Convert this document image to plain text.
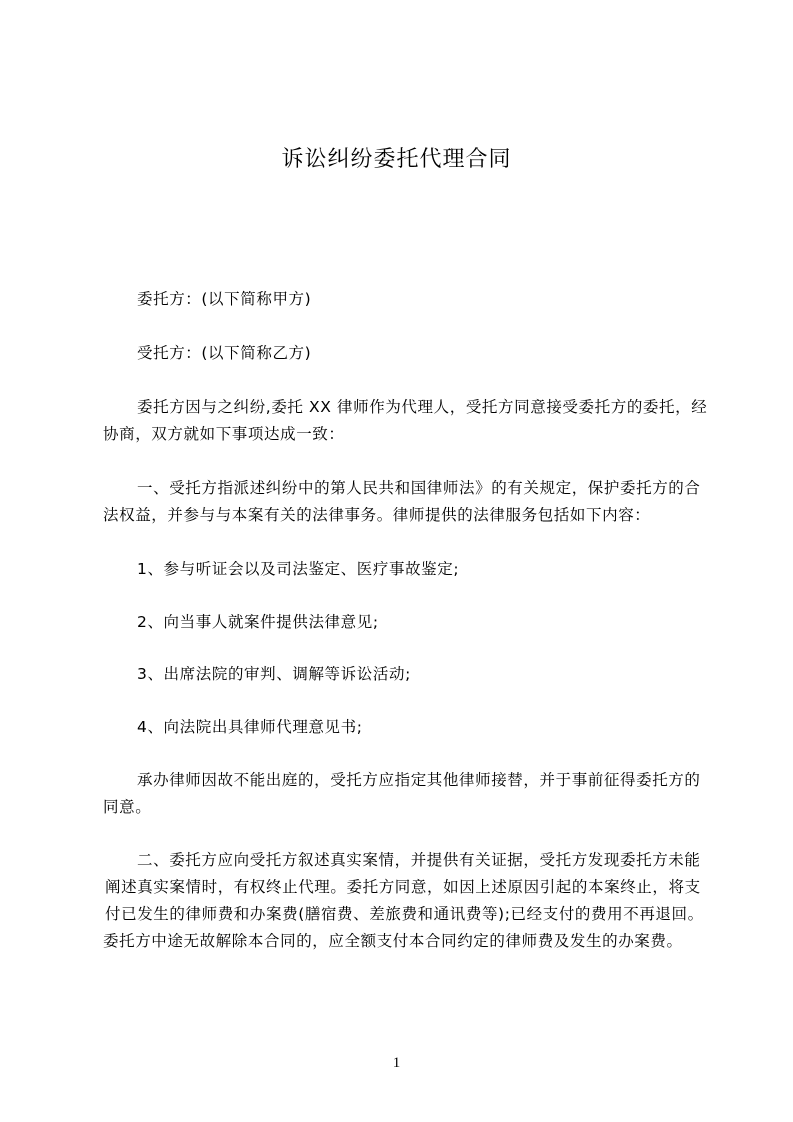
诉讼纠纷委托代理合同
委托方：(以下简称甲方)
受托方：(以下简称乙方)
委托方因与之纠纷,委托 XX 律师作为代理人，受托方同意接受委托方的委托，经
协商，双方就如下事项达成一致：
一、受托方指派述纠纷中的第人民共和国律师法》的有关规定，保护委托方的合
法权益，并参与与本案有关的法律事务。律师提供的法律服务包括如下内容：
1、参与听证会以及司法鉴定、医疗事故鉴定;
2、向当事人就案件提供法律意见;
3、出席法院的审判、调解等诉讼活动;
4、向法院出具律师代理意见书;
承办律师因故不能出庭的，受托方应指定其他律师接替，并于事前征得委托方的
同意。
二、委托方应向受托方叙述真实案情，并提供有关证据，受托方发现委托方未能
阐述真实案情时，有权终止代理。委托方同意，如因上述原因引起的本案终止，将支
付已发生的律师费和办案费(膳宿费、差旅费和通讯费等);已经支付的费用不再退回。
委托方中途无故解除本合同的，应全额支付本合同约定的律师费及发生的办案费。
1
